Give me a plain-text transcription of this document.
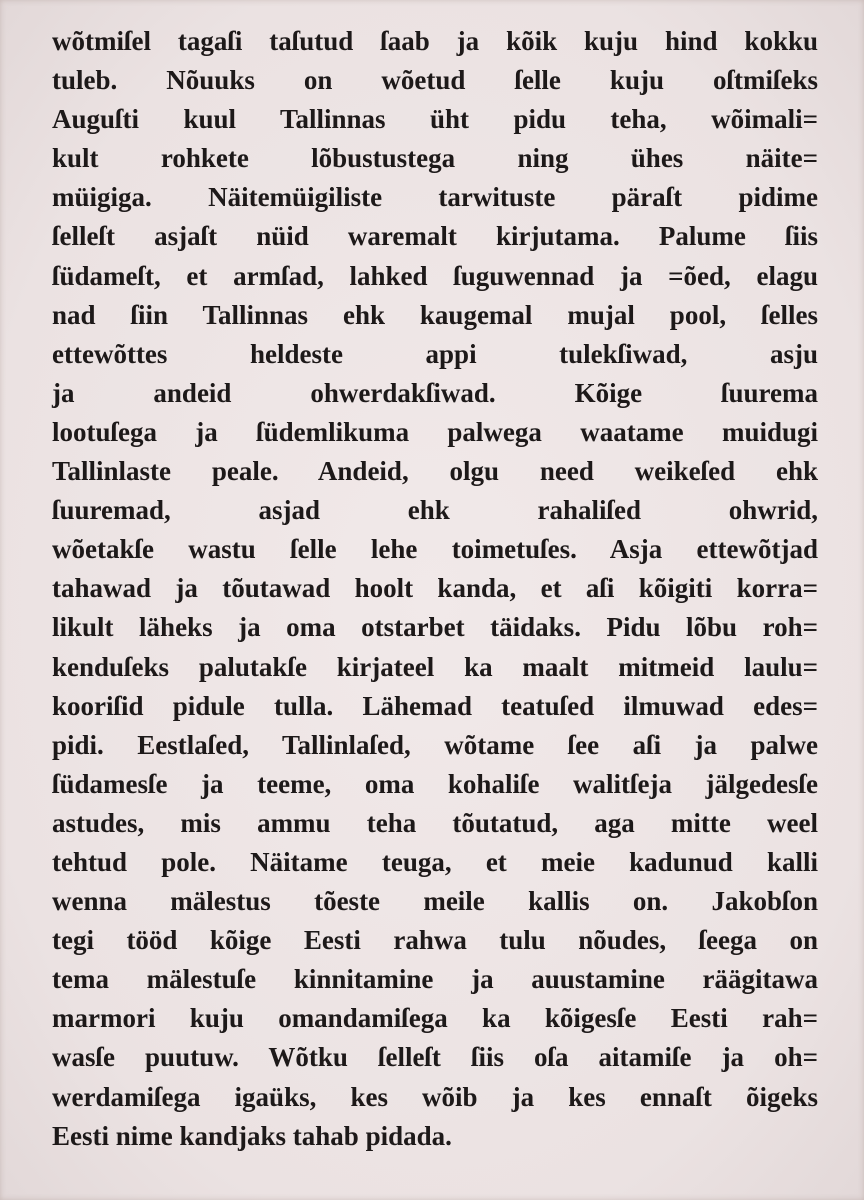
wõtmiſel tagaſi taſutud ſaab ja kõik kuju hind kokku
tuleb. Nõuuks on wõetud ſelle kuju oſtmiſeks
Auguſti kuul Tallinnas üht pidu teha, wõimali=
kult rohkete lõbustustega ning ühes näite=
müigiga. Näitemüigiliste tarwituste päraſt pidime
ſelleſt asjaſt nüid waremalt kirjutama. Palume ſiis
ſüdameſt, et armſad, lahked ſuguwennad ja =õed, elagu
nad ſiin Tallinnas ehk kaugemal mujal pool, ſelles
ettewõttes heldeste appi tulekſiwad, asju
ja andeid ohwerdakſiwad. Kõige ſuurema
lootuſega ja ſüdemlikuma palwega waatame muidugi
Tallinlaste peale. Andeid, olgu need weikeſed ehk
ſuuremad, asjad ehk rahaliſed ohwrid,
wõetakſe wastu ſelle lehe toimetuſes. Asja ettewõtjad
tahawad ja tõutawad hoolt kanda, et aſi kõigiti korra=
likult läheks ja oma otstarbet täidaks. Pidu lõbu roh=
kenduſeks palutakſe kirjateel ka maalt mitmeid laulu=
kooriſid pidule tulla. Lähemad teatuſed ilmuwad edes=
pidi. Eestlaſed, Tallinlaſed, wõtame ſee aſi ja palwe
ſüdamesſe ja teeme, oma kohaliſe walitſeja jälgedesſe
astudes, mis ammu teha tõutatud, aga mitte weel
tehtud pole. Näitame teuga, et meie kadunud kalli
wenna mälestus tõeste meile kallis on. Jakobſon
tegi tööd kõige Eesti rahwa tulu nõudes, ſeega on
tema mälestuſe kinnitamine ja auustamine räägitawa
marmori kuju omandamiſega ka kõigesſe Eesti rah=
wasſe puutuw. Wõtku ſelleſt ſiis oſa aitamiſe ja oh=
werdamiſega igaüks, kes wõib ja kes ennaſt õigeks
Eesti nime kandjaks tahab pidada.
